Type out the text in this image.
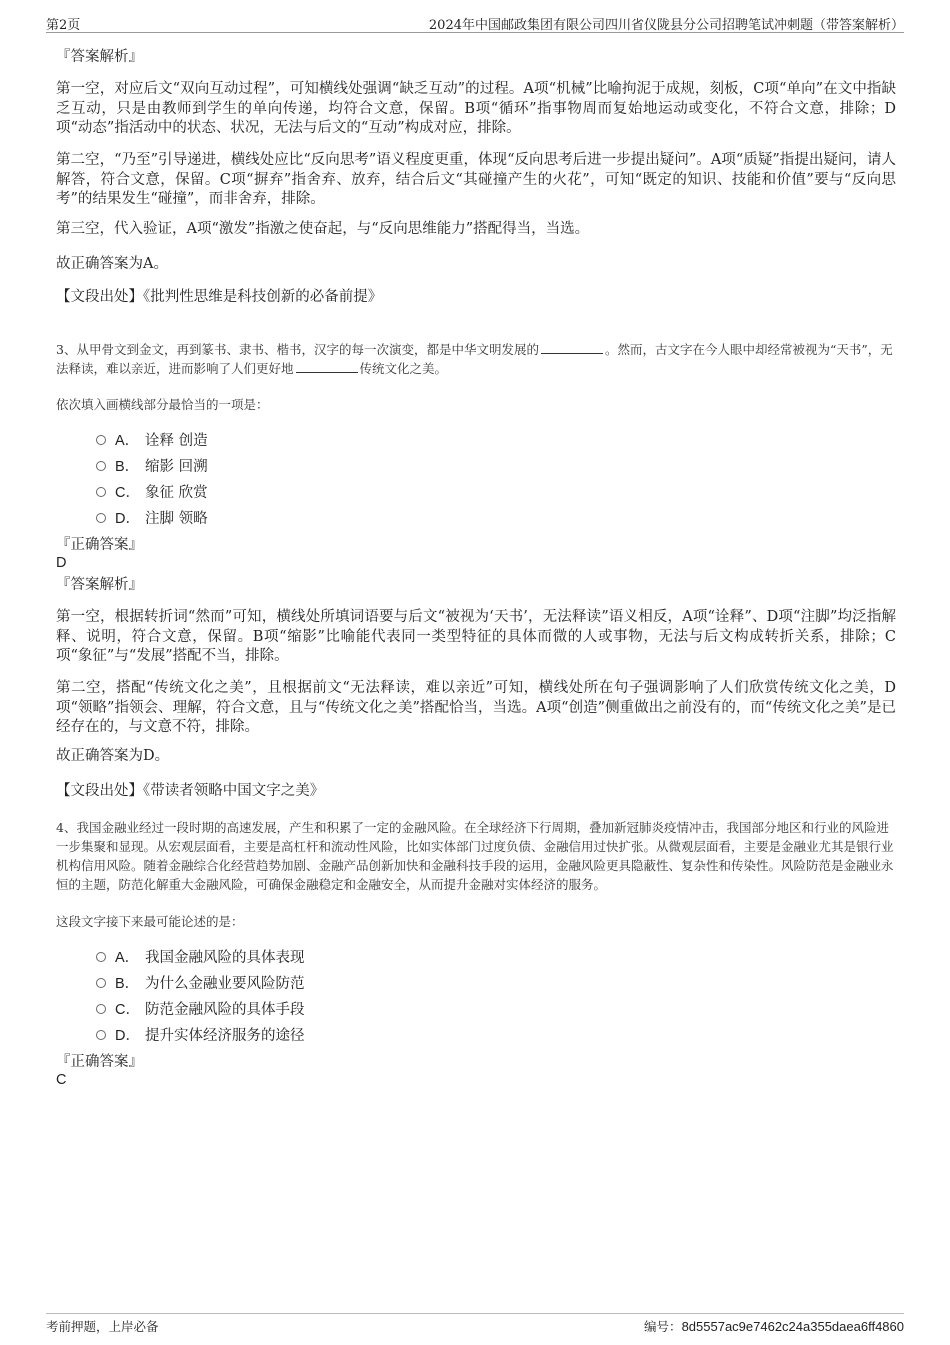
第2页	2024年中国邮政集团有限公司四川省仪陇县分公司招聘笔试冲刺题（带答案解析）
『答案解析』
第一空，对应后文“双向互动过程”，可知横线处强调“缺乏互动”的过程。A项“机械”比喻拘泥于成规，刻板，C项“单向”在文中指缺乏互动，只是由教师到学生的单向传递，均符合文意，保留。B项“循环”指事物周而复始地运动或变化，不符合文意，排除；D项“动态”指活动中的状态、状况，无法与后文的“互动”构成对应，排除。
第二空，“乃至”引导递进，横线处应比“反向思考”语义程度更重，体现“反向思考后进一步提出疑问”。A项“质疑”指提出疑问，请人解答，符合文意，保留。C项“摒弃”指舍弃、放弃，结合后文“其碰撞产生的火花”，可知“既定的知识、技能和价值”要与“反向思考”的结果发生“碰撞”，而非舍弃，排除。
第三空，代入验证，A项“激发”指激之使奋起，与“反向思维能力”搭配得当，当选。
故正确答案为A。
【文段出处】《批判性思维是科技创新的必备前提》
3、从甲骨文到金文，再到篆书、隶书、楷书，汉字的每一次演变，都是中华文明发展的	。然而，古文字在今人眼中却经常被视为“天书”，无法释读，难以亲近，进而影响了人们更好地	传统文化之美。
依次填入画横线部分最恰当的一项是：
A． 诠释 创造
B． 缩影 回溯
C． 象征 欣赏
D． 注脚 领略
『正确答案』
D
『答案解析』
第一空，根据转折词“然而”可知，横线处所填词语要与后文“被视为‘天书’，无法释读”语义相反，A项“诠释”、D项“注脚”均泛指解释、说明，符合文意，保留。B项“缩影”比喻能代表同一类型特征的具体而微的人或事物，无法与后文构成转折关系，排除；C项“象征”与“发展”搭配不当，排除。
第二空，搭配“传统文化之美”，且根据前文“无法释读，难以亲近”可知，横线处所在句子强调影响了人们欣赏传统文化之美，D项“领略”指领会、理解，符合文意，且与“传统文化之美”搭配恰当，当选。A项“创造”侧重做出之前没有的，而“传统文化之美”是已经存在的，与文意不符，排除。
故正确答案为D。
【文段出处】《带读者领略中国文字之美》
4、我国金融业经过一段时期的高速发展，产生和积累了一定的金融风险。在全球经济下行周期，叠加新冠肺炎疫情冲击，我国部分地区和行业的风险进一步集聚和显现。从宏观层面看，主要是高杠杆和流动性风险，比如实体部门过度负债、金融信用过快扩张。从微观层面看，主要是金融业尤其是银行业机构信用风险。随着金融综合化经营趋势加剧、金融产品创新加快和金融科技手段的运用，金融风险更具隐蔽性、复杂性和传染性。风险防范是金融业永恒的主题，防范化解重大金融风险，可确保金融稳定和金融安全，从而提升金融对实体经济的服务。
这段文字接下来最可能论述的是：
A． 我国金融风险的具体表现
B． 为什么金融业要风险防范
C． 防范金融风险的具体手段
D． 提升实体经济服务的途径
『正确答案』
C
考前押题，上岸必备	编号：8d5557ac9e7462c24a355daea6ff4860
